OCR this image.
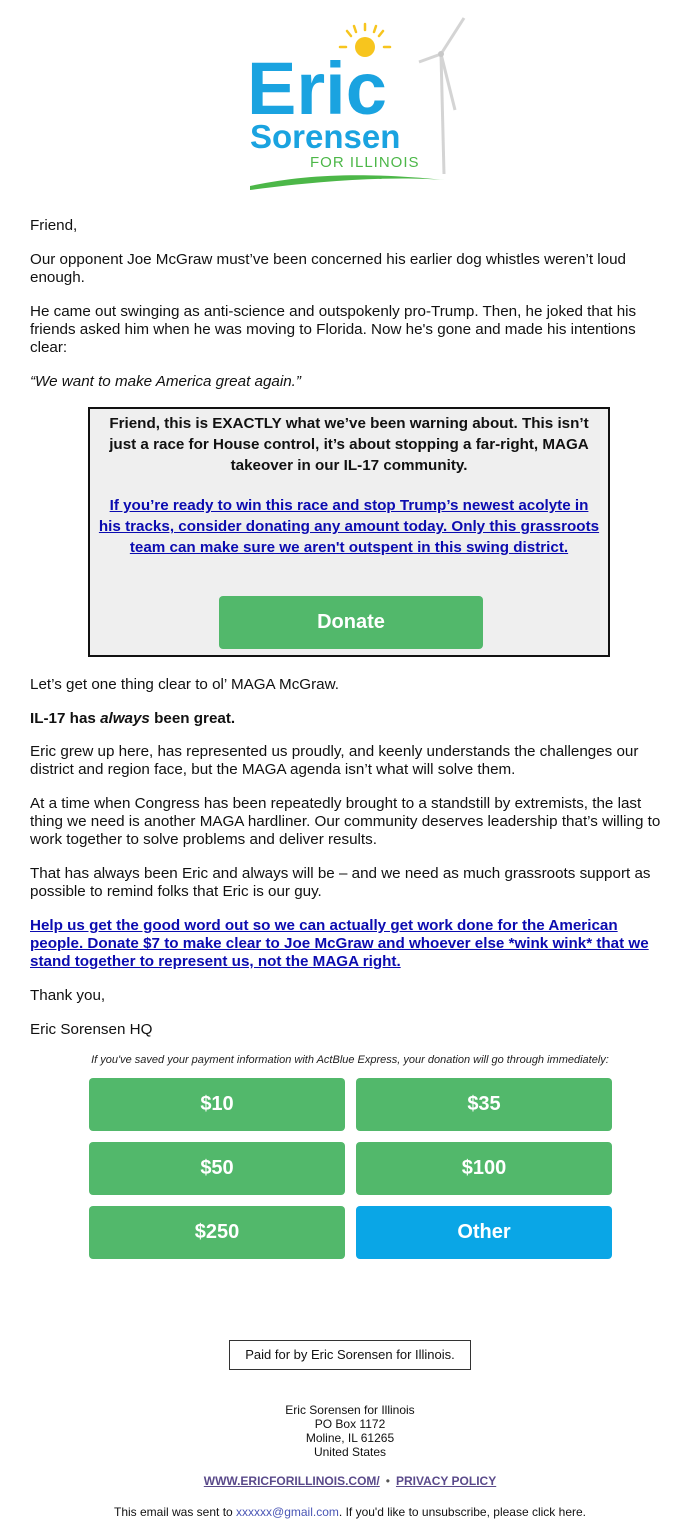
Eric
Sorensen
FOR ILLINOIS

Friend,

Our opponent Joe McGraw must’ve been concerned his earlier dog whistles weren’t loud enough.

He came out swinging as anti-science and outspokenly pro-Trump. Then, he joked that his friends asked him when he was moving to Florida. Now he's gone and made his intentions clear:

“We want to make America great again.”

Friend, this is EXACTLY what we’ve been warning about. This isn’t just a race for House control, it’s about stopping a far-right, MAGA takeover in our IL-17 community.
If you’re ready to win this race and stop Trump’s newest acolyte in his tracks, consider donating any amount today. Only this grassroots team can make sure we aren't outspent in this swing district.
Donate

Let’s get one thing clear to ol’ MAGA McGraw.

IL-17 has always been great.

Eric grew up here, has represented us proudly, and keenly understands the challenges our district and region face, but the MAGA agenda isn’t what will solve them.

At a time when Congress has been repeatedly brought to a standstill by extremists, the last thing we need is another MAGA hardliner. Our community deserves leadership that’s willing to work together to solve problems and deliver results.

That has always been Eric and always will be – and we need as much grassroots support as possible to remind folks that Eric is our guy.

Help us get the good word out so we can actually get work done for the American people. Donate $7 to make clear to Joe McGraw and whoever else *wink wink* that we stand together to represent us, not the MAGA right.

Thank you,

Eric Sorensen HQ

If you've saved your payment information with ActBlue Express, your donation will go through immediately:
$10	$35
$50	$100
$250	Other
Paid for by Eric Sorensen for Illinois.
Eric Sorensen for Illinois
PO Box 1172
Moline, IL 61265
United States
WWW.ERICFORILLINOIS.COM/ • PRIVACY POLICY
This email was sent to xxxxxx@gmail.com. If you'd like to unsubscribe, please click here.
